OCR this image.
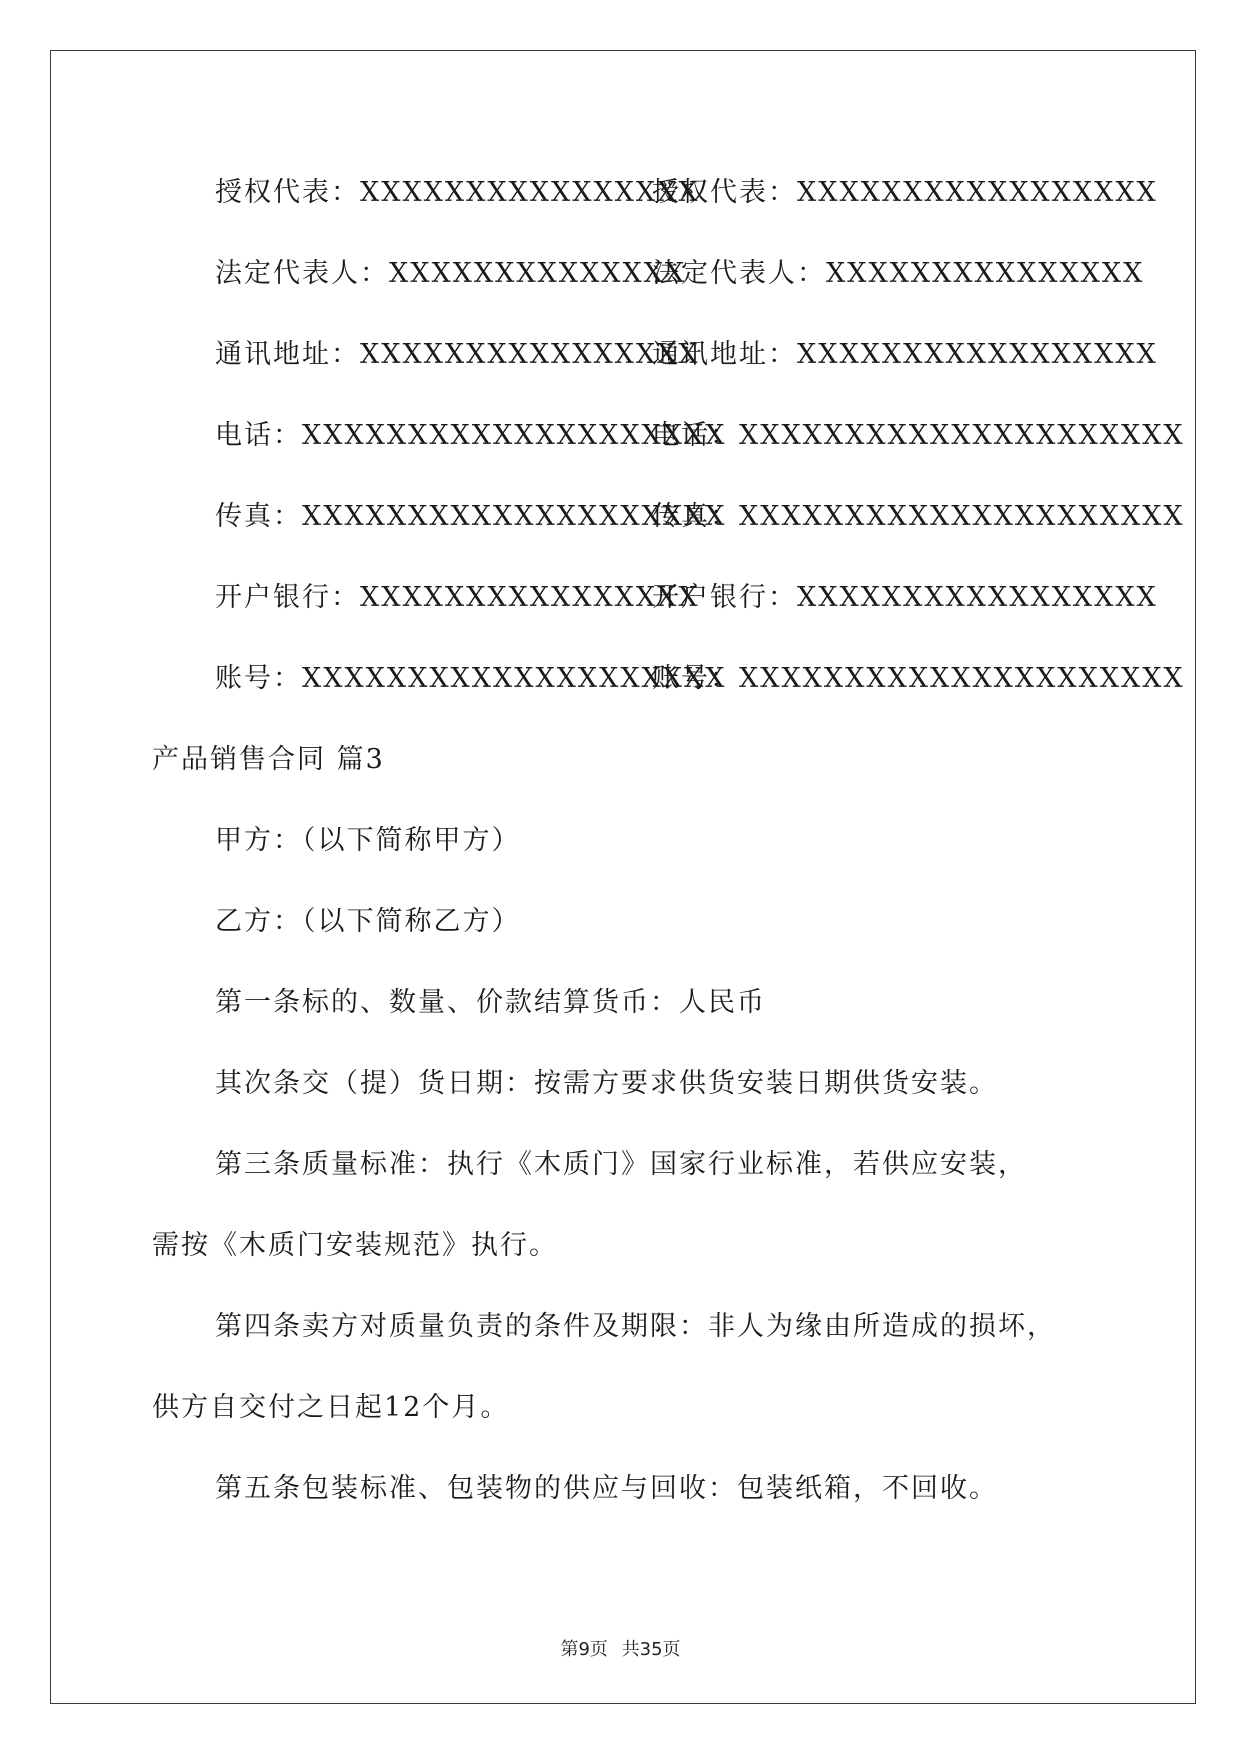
授权代表：XXXXXXXXXXXXXXXX
授权代表：XXXXXXXXXXXXXXXXX
法定代表人：XXXXXXXXXXXXXX
法定代表人：XXXXXXXXXXXXXXX
通讯地址：XXXXXXXXXXXXXXXX
通讯地址：XXXXXXXXXXXXXXXXX
电话：XXXXXXXXXXXXXXXXXXXX
电话：XXXXXXXXXXXXXXXXXXXXX
传真：XXXXXXXXXXXXXXXXXXXX
传真：XXXXXXXXXXXXXXXXXXXXX
开户银行：XXXXXXXXXXXXXXXX
开户银行：XXXXXXXXXXXXXXXXX
账号：XXXXXXXXXXXXXXXXXXXX
账号：XXXXXXXXXXXXXXXXXXXXX
产品销售合同 篇3
甲方：（以下简称甲方）
乙方：（以下简称乙方）
第一条标的、数量、价款结算货币：人民币
其次条交（提）货日期：按需方要求供货安装日期供货安装。
第三条质量标准：执行《木质门》国家行业标准，若供应安装，
需按《木质门安装规范》执行。
第四条卖方对质量负责的条件及期限：非人为缘由所造成的损坏，
供方自交付之日起12个月。
第五条包装标准、包装物的供应与回收：包装纸箱，不回收。
第9页 共35页
